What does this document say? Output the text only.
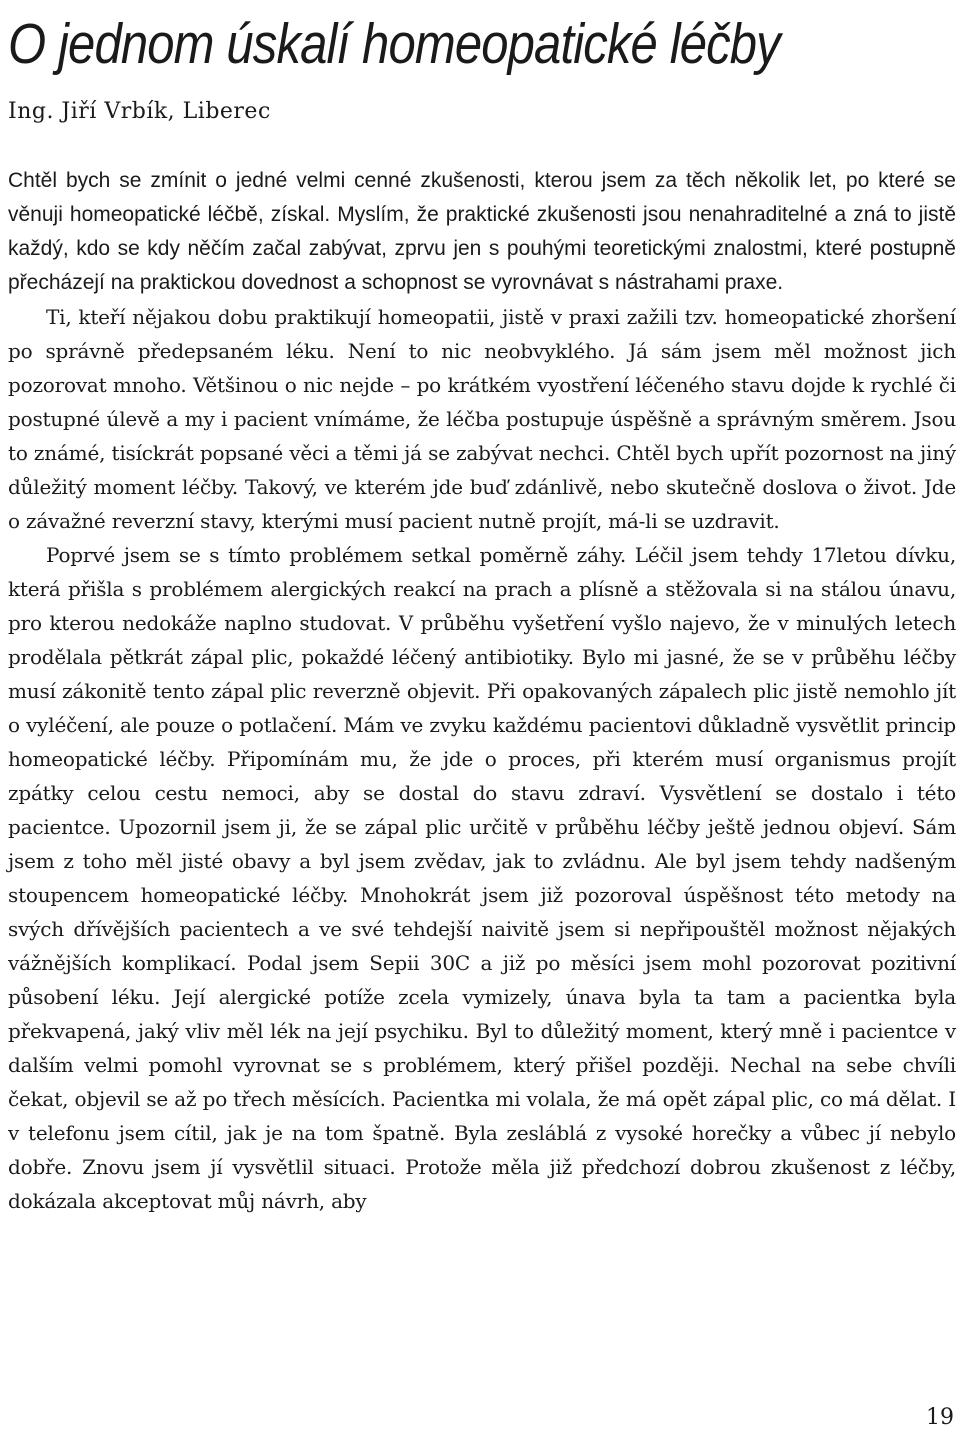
O jednom úskalí homeopatické léčby
Ing. Jiří Vrbík, Liberec

Chtěl bych se zmínit o jedné velmi cenné zkušenosti, kterou jsem za těch několik let, po které se věnuji homeopatické léčbě, získal. Myslím, že praktické zkušenosti jsou nenahraditelné a zná to jistě každý, kdo se kdy něčím začal zabývat, zprvu jen s pouhými teoretickými znalostmi, které postupně přecházejí na praktickou dovednost a schopnost se vyrovnávat s nástrahami praxe.

Ti, kteří nějakou dobu praktikují homeopatii, jistě v praxi zažili tzv. homeopatické zhoršení po správně předepsaném léku. Není to nic neobvyklého. Já sám jsem měl možnost jich pozorovat mnoho. Většinou o nic nejde – po krátkém vyostření léčeného stavu dojde k rychlé či postupné úlevě a my i pacient vnímáme, že léčba postupuje úspěšně a správným směrem. Jsou to známé, tisíckrát popsané věci a těmi já se zabývat nechci. Chtěl bych upřít pozornost na jiný důležitý moment léčby. Takový, ve kterém jde buď zdánlivě, nebo skutečně doslova o život. Jde o závažné reverzní stavy, kterými musí pacient nutně projít, má-li se uzdravit.

Poprvé jsem se s tímto problémem setkal poměrně záhy. Léčil jsem tehdy 17letou dívku, která přišla s problémem alergických reakcí na prach a plísně a stěžovala si na stálou únavu, pro kterou nedokáže naplno studovat. V průběhu vyšetření vyšlo najevo, že v minulých letech prodělala pětkrát zápal plic, pokaždé léčený antibiotiky. Bylo mi jasné, že se v průběhu léčby musí zákonitě tento zápal plic reverzně objevit. Při opakovaných zápalech plic jistě nemohlo jít o vyléčení, ale pouze o potlačení. Mám ve zvyku každému pacientovi důkladně vysvětlit princip homeopatické léčby. Připomínám mu, že jde o proces, při kterém musí organismus projít zpátky celou cestu nemoci, aby se dostal do stavu zdraví. Vysvětlení se dostalo i této pacientce. Upozornil jsem ji, že se zápal plic určitě v průběhu léčby ještě jednou objeví. Sám jsem z toho měl jisté obavy a byl jsem zvědav, jak to zvládnu. Ale byl jsem tehdy nadšeným stoupencem homeopatické léčby. Mnohokrát jsem již pozoroval úspěšnost této metody na svých dřívějších pacientech a ve své tehdejší naivitě jsem si nepřipouštěl možnost nějakých vážnějších komplikací. Podal jsem Sepii 30C a již po měsíci jsem mohl pozorovat pozitivní působení léku. Její alergické potíže zcela vymizely, únava byla ta tam a pacientka byla překvapená, jaký vliv měl lék na její psychiku. Byl to důležitý moment, který mně i pacientce v dalším velmi pomohl vyrovnat se s problémem, který přišel později. Nechal na sebe chvíli čekat, objevil se až po třech měsících. Pacientka mi volala, že má opět zápal plic, co má dělat. I v telefonu jsem cítil, jak je na tom špatně. Byla zesláblá z vysoké horečky a vůbec jí nebylo dobře. Znovu jsem jí vysvětlil situaci. Protože měla již předchozí dobrou zkušenost z léčby, dokázala akceptovat můj návrh, aby

19
